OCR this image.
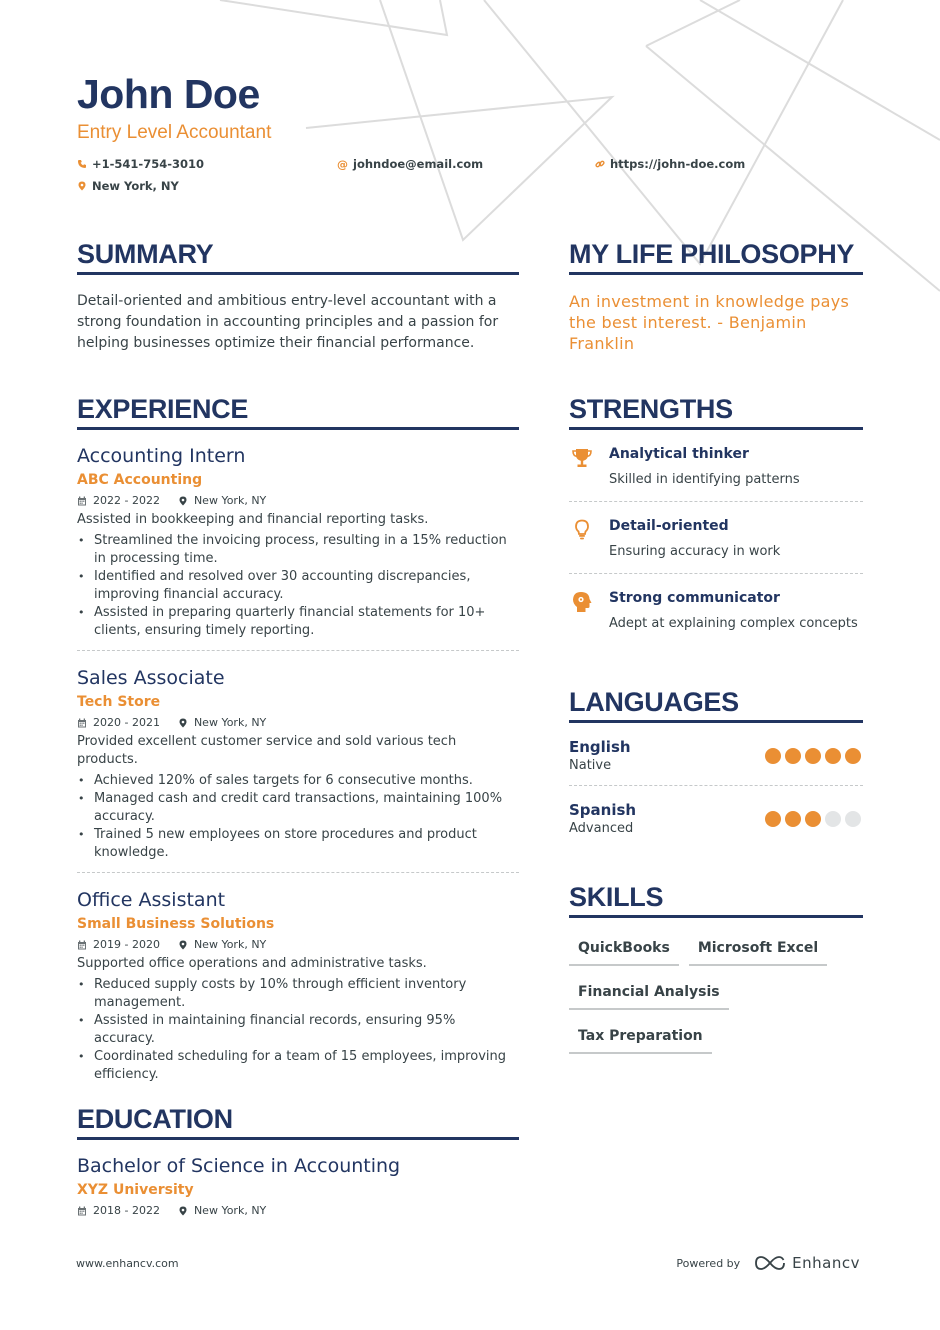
John Doe
Entry Level Accountant
+1-541-754-3010	@ johndoe@email.com	https://john-doe.com
New York, NY
SUMMARY
Detail-oriented and ambitious entry-level accountant with a strong foundation in accounting principles and a passion for helping businesses optimize their financial performance.
EXPERIENCE
Accounting Intern
ABC Accounting
2022 - 2022	New York, NY
Assisted in bookkeeping and financial reporting tasks.
• Streamlined the invoicing process, resulting in a 15% reduction in processing time.
• Identified and resolved over 30 accounting discrepancies, improving financial accuracy.
• Assisted in preparing quarterly financial statements for 10+ clients, ensuring timely reporting.
Sales Associate
Tech Store
2020 - 2021	New York, NY
Provided excellent customer service and sold various tech products.
• Achieved 120% of sales targets for 6 consecutive months.
• Managed cash and credit card transactions, maintaining 100% accuracy.
• Trained 5 new employees on store procedures and product knowledge.
Office Assistant
Small Business Solutions
2019 - 2020	New York, NY
Supported office operations and administrative tasks.
• Reduced supply costs by 10% through efficient inventory management.
• Assisted in maintaining financial records, ensuring 95% accuracy.
• Coordinated scheduling for a team of 15 employees, improving efficiency.
EDUCATION
Bachelor of Science in Accounting
XYZ University
2018 - 2022	New York, NY
MY LIFE PHILOSOPHY
An investment in knowledge pays the best interest. - Benjamin Franklin
STRENGTHS
Analytical thinker
Skilled in identifying patterns
Detail-oriented
Ensuring accuracy in work
Strong communicator
Adept at explaining complex concepts
LANGUAGES
English
Native
Spanish
Advanced
SKILLS
QuickBooks	Microsoft Excel
Financial Analysis
Tax Preparation
www.enhancv.com	Powered by	Enhancv
